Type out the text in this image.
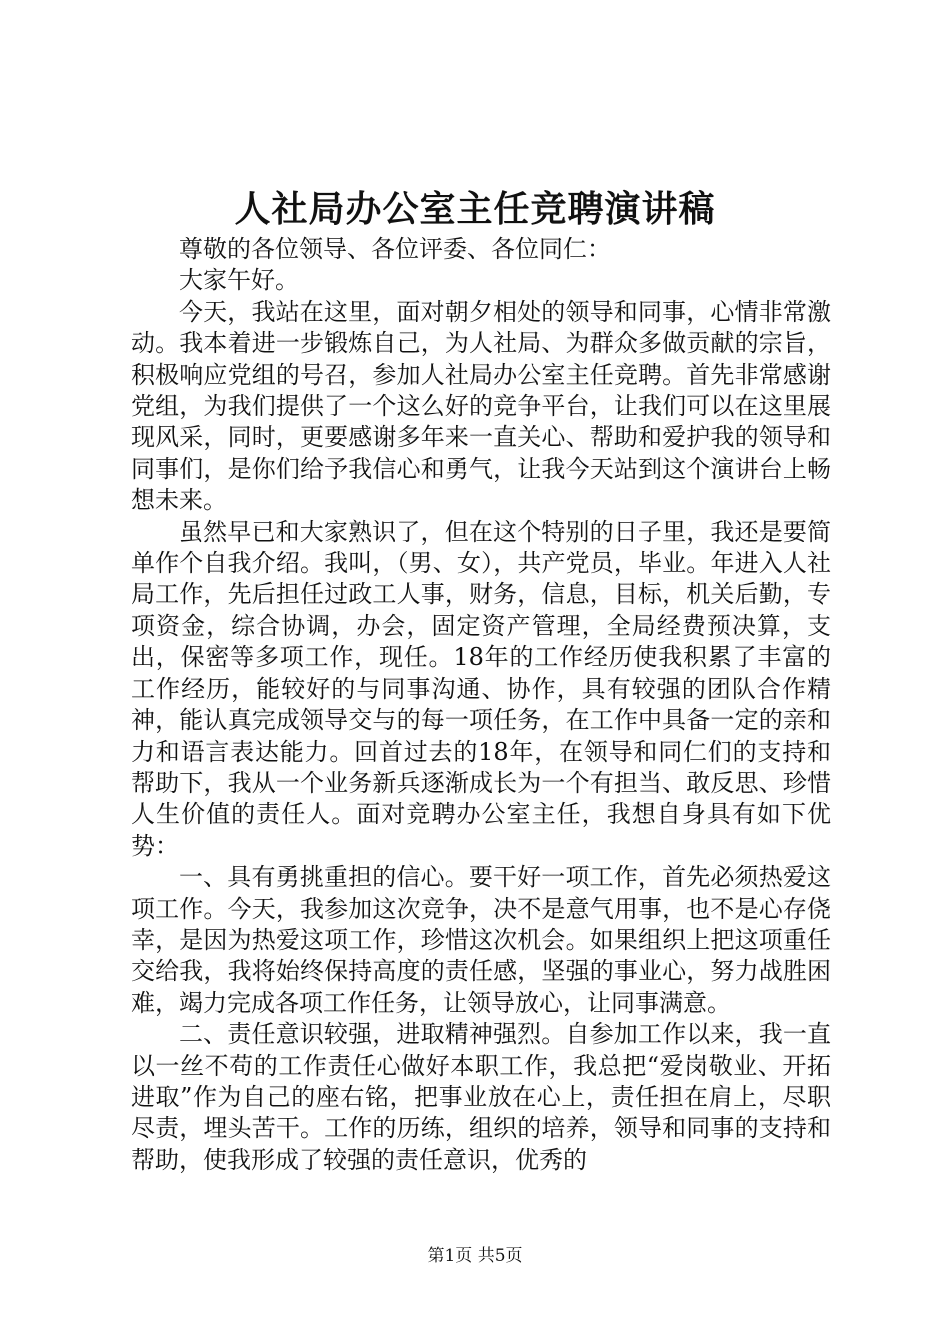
人社局办公室主任竞聘演讲稿

尊敬的各位领导、各位评委、各位同仁：

大家午好。

今天，我站在这里，面对朝夕相处的领导和同事，心情非常激动。我本着进一步锻炼自己，为人社局、为群众多做贡献的宗旨，积极响应党组的号召，参加人社局办公室主任竞聘。首先非常感谢党组，为我们提供了一个这么好的竞争平台，让我们可以在这里展现风采，同时，更要感谢多年来一直关心、帮助和爱护我的领导和同事们，是你们给予我信心和勇气，让我今天站到这个演讲台上畅想未来。

虽然早已和大家熟识了，但在这个特别的日子里，我还是要简单作个自我介绍。我叫，（男、女），共产党员，毕业。年进入人社局工作，先后担任过政工人事，财务，信息，目标，机关后勤，专项资金，综合协调，办会，固定资产管理，全局经费预决算，支出，保密等多项工作，现任。18年的工作经历使我积累了丰富的工作经历，能较好的与同事沟通、协作，具有较强的团队合作精神，能认真完成领导交与的每一项任务，在工作中具备一定的亲和力和语言表达能力。回首过去的18年，在领导和同仁们的支持和帮助下，我从一个业务新兵逐渐成长为一个有担当、敢反思、珍惜人生价值的责任人。面对竞聘办公室主任，我想自身具有如下优势：

一、具有勇挑重担的信心。要干好一项工作，首先必须热爱这项工作。今天，我参加这次竞争，决不是意气用事，也不是心存侥幸，是因为热爱这项工作，珍惜这次机会。如果组织上把这项重任交给我，我将始终保持高度的责任感，坚强的事业心，努力战胜困难，竭力完成各项工作任务，让领导放心，让同事满意。

二、责任意识较强，进取精神强烈。自参加工作以来，我一直以一丝不苟的工作责任心做好本职工作，我总把“爱岗敬业、开拓进取”作为自己的座右铭，把事业放在心上，责任担在肩上，尽职尽责，埋头苦干。工作的历练，组织的培养，领导和同事的支持和帮助，使我形成了较强的责任意识，优秀的

第1页 共5页
